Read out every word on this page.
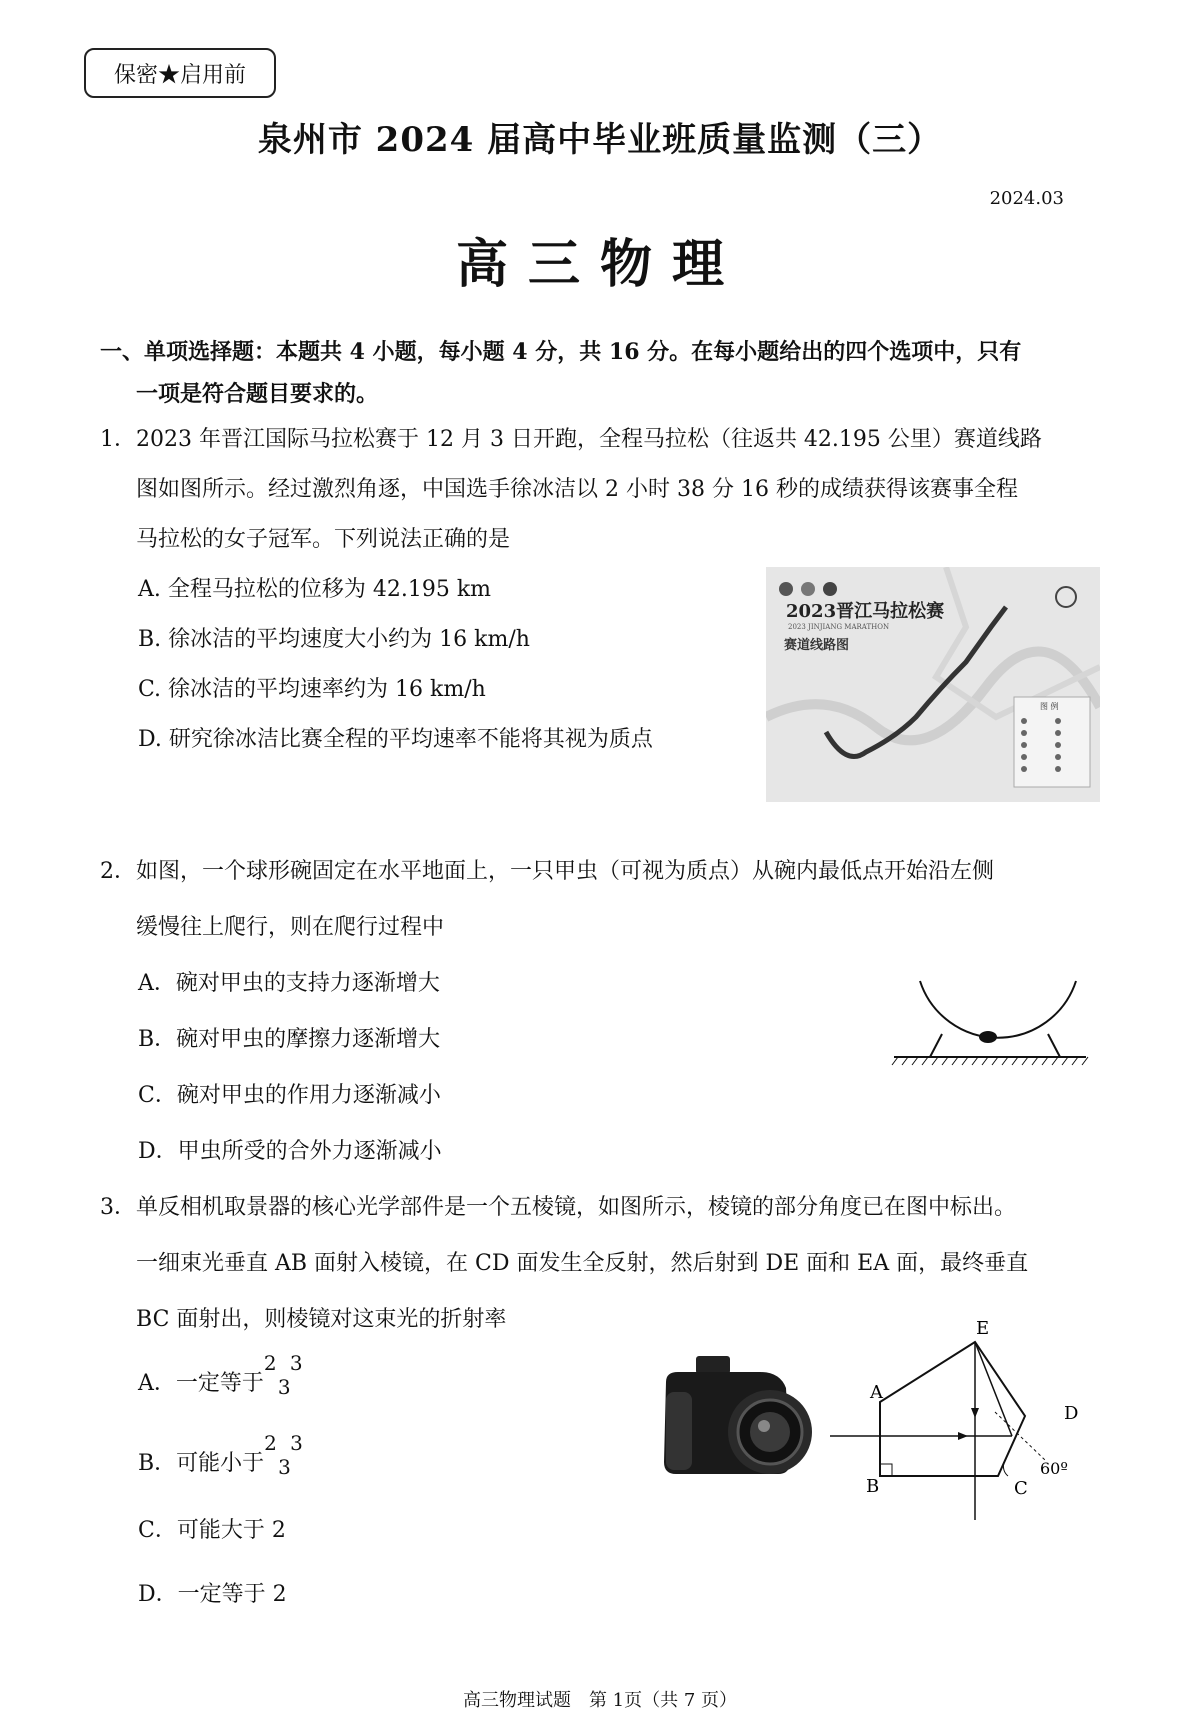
保密★启用前
泉州市 2024 届高中毕业班质量监测（三）
2024.03
高三物理
一、单项选择题：本题共 4 小题，每小题 4 分，共 16 分。在每小题给出的四个选项中，只有
一项是符合题目要求的。
1．2023 年晋江国际马拉松赛于 12 月 3 日开跑，全程马拉松（往返共 42.195 公里）赛道线路
图如图所示。经过激烈角逐，中国选手徐冰洁以 2 小时 38 分 16 秒的成绩获得该赛事全程
马拉松的女子冠军。下列说法正确的是
A. 全程马拉松的位移为 42.195 km
B. 徐冰洁的平均速度大小约为 16 km/h
C. 徐冰洁的平均速率约为 16 km/h
D. 研究徐冰洁比赛全程的平均速率不能将其视为质点
2023晋江马拉松赛
2023 JINJIANG MARATHON
赛道线路图
图 例
2．如图，一个球形碗固定在水平地面上，一只甲虫（可视为质点）从碗内最低点开始沿左侧
缓慢往上爬行，则在爬行过程中
A．碗对甲虫的支持力逐渐增大
B．碗对甲虫的摩擦力逐渐增大
C．碗对甲虫的作用力逐渐减小
D．甲虫所受的合外力逐渐减小
3．单反相机取景器的核心光学部件是一个五棱镜，如图所示，棱镜的部分角度已在图中标出。
一细束光垂直 AB 面射入棱镜，在 CD 面发生全反射，然后射到 DE 面和 EA 面，最终垂直
BC 面射出，则棱镜对这束光的折射率
A．一定等于
2 3
3
B．可能小于
2 3
3
C．可能大于 2
D．一定等于 2
E
A
D
B	C
60º
高三物理试题　第 1页（共 7 页）
